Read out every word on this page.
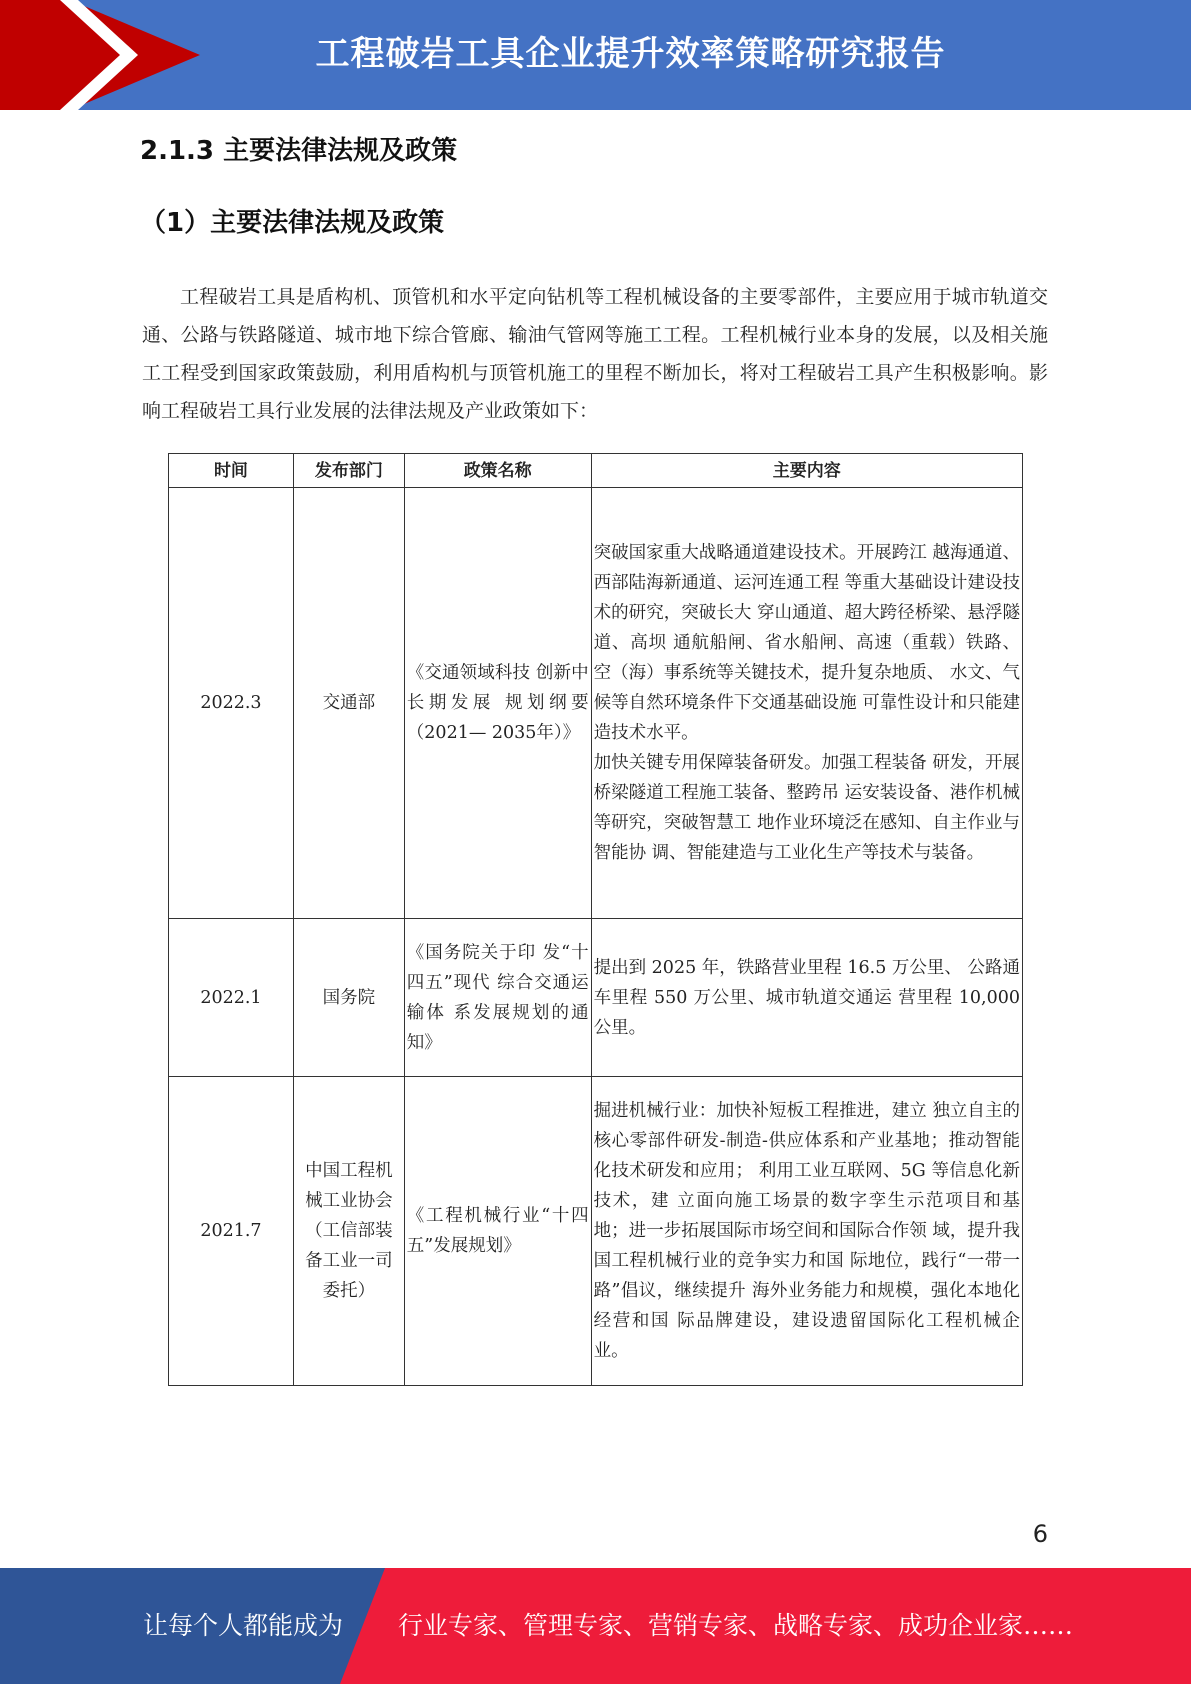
工程破岩工具企业提升效率策略研究报告
2.1.3 主要法律法规及政策
（1）主要法律法规及政策
工程破岩工具是盾构机、顶管机和水平定向钻机等工程机械设备的主要零部件，主要应用于城市轨道交通、公路与铁路隧道、城市地下综合管廊、输油气管网等施工工程。工程机械行业本身的发展，以及相关施工工程受到国家政策鼓励，利用盾构机与顶管机施工的里程不断加长，将对工程破岩工具产生积极影响。影响工程破岩工具行业发展的法律法规及产业政策如下：
时间	发布部门	政策名称	主要内容
2022.3	交通部	《交通领域科技 创新中长期发展 规划纲要（2021— 2035年）》	突破国家重大战略通道建设技术。开展跨江 越海通道、西部陆海新通道、运河连通工程 等重大基础设计建设技术的研究，突破长大 穿山通道、超大跨径桥梁、悬浮隧道、高坝 通航船闸、省水船闸、高速（重载）铁路、 空（海）事系统等关键技术，提升复杂地质、 水文、气候等自然环境条件下交通基础设施 可靠性设计和只能建造技术水平。
加快关键专用保障装备研发。加强工程装备 研发，开展桥梁隧道工程施工装备、整跨吊 运安装设备、港作机械等研究，突破智慧工 地作业环境泛在感知、自主作业与智能协 调、智能建造与工业化生产等技术与装备。

2022.1	国务院	《国务院关于印 发“十四五”现代 综合交通运输体 系发展规划的通 知》	提出到 2025 年，铁路营业里程 16.5 万公里、 公路通车里程 550 万公里、城市轨道交通运 营里程 10,000 公里。

2021.7	中国工程机械工业协会（工信部装备工业一司委托）	《工程机械行业“十四五”发展规划》	掘进机械行业：加快补短板工程推进，建立 独立自主的核心零部件研发-制造-供应体系和产业基地；推动智能化技术研发和应用； 利用工业互联网、5G 等信息化新技术，建 立面向施工场景的数字孪生示范项目和基 地；进一步拓展国际市场空间和国际合作领 域，提升我国工程机械行业的竞争实力和国 际地位，践行“一带一路”倡议，继续提升 海外业务能力和规模，强化本地化经营和国 际品牌建设，建设遗留国际化工程机械企 业。
6
让每个人都能成为 行业专家、管理专家、营销专家、战略专家、成功企业家……
